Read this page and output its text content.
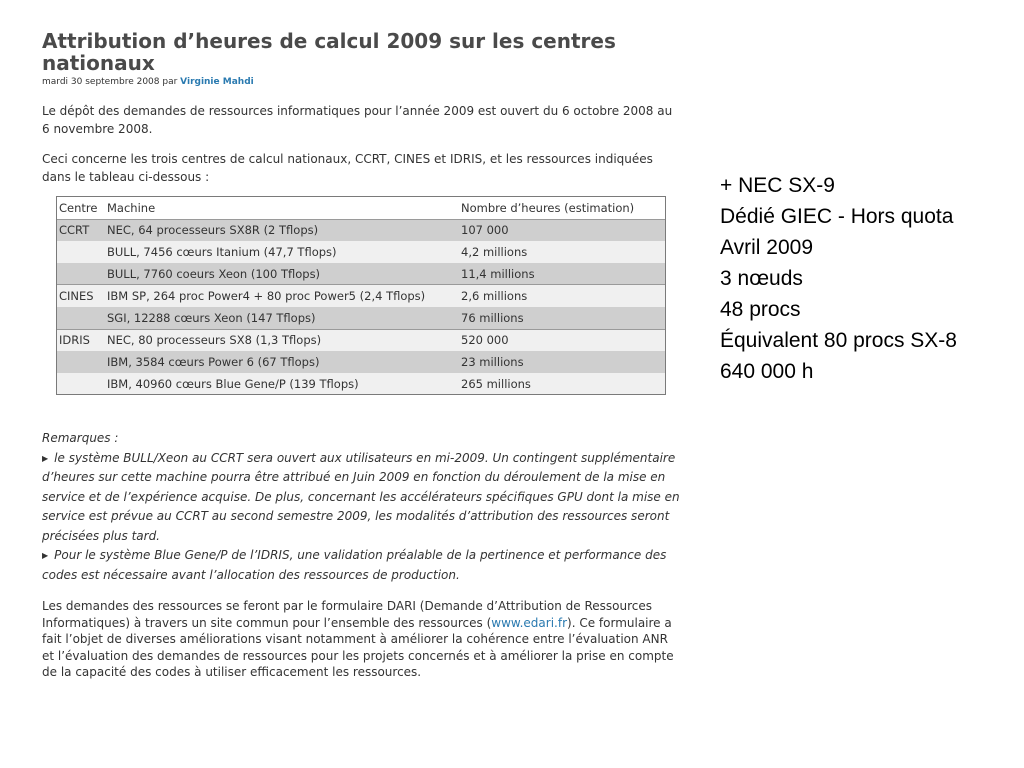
Attribution d’heures de calcul 2009 sur les centres
nationaux
mardi 30 septembre 2008 par Virginie Mahdi

Le dépôt des demandes de ressources informatiques pour l’année 2009 est ouvert du 6 octobre 2008 au 6 novembre 2008.

Ceci concerne les trois centres de calcul nationaux, CCRT, CINES et IDRIS, et les ressources indiquées dans le tableau ci-dessous :

Centre	Machine	Nombre d’heures (estimation)
CCRT	NEC, 64 processeurs SX8R (2 Tflops)	107 000
	BULL, 7456 cœurs Itanium (47,7 Tflops)	4,2 millions
	BULL, 7760 coeurs Xeon (100 Tflops)	11,4 millions
CINES	IBM SP, 264 proc Power4 + 80 proc Power5 (2,4 Tflops)	2,6 millions
	SGI, 12288 cœurs Xeon (147 Tflops)	76 millions
IDRIS	NEC, 80 processeurs SX8 (1,3 Tflops)	520 000
	IBM, 3584 cœurs Power 6 (67 Tflops)	23 millions
	IBM, 40960 cœurs Blue Gene/P (139 Tflops)	265 millions
Remarques :
▶ le système BULL/Xeon au CCRT sera ouvert aux utilisateurs en mi-2009. Un contingent supplémentaire d’heures sur cette machine pourra être attribué en Juin 2009 en fonction du déroulement de la mise en service et de l’expérience acquise. De plus, concernant les accélérateurs spécifiques GPU dont la mise en service est prévue au CCRT au second semestre 2009, les modalités d’attribution des ressources seront précisées plus tard.
▶ Pour le système Blue Gene/P de l’IDRIS, une validation préalable de la pertinence et performance des codes est nécessaire avant l’allocation des ressources de production.

Les demandes des ressources se feront par le formulaire DARI (Demande d’Attribution de Ressources Informatiques) à travers un site commun pour l’ensemble des ressources (www.edari.fr). Ce formulaire a fait l’objet de diverses améliorations visant notamment à améliorer la cohérence entre l’évaluation ANR et l’évaluation des demandes de ressources pour les projets concernés et à améliorer la prise en compte de la capacité des codes à utiliser efficacement les ressources.

+ NEC SX-9
Dédié GIEC - Hors quota
Avril 2009
3 nœuds
48 procs
Équivalent 80 procs SX-8
640 000 h
